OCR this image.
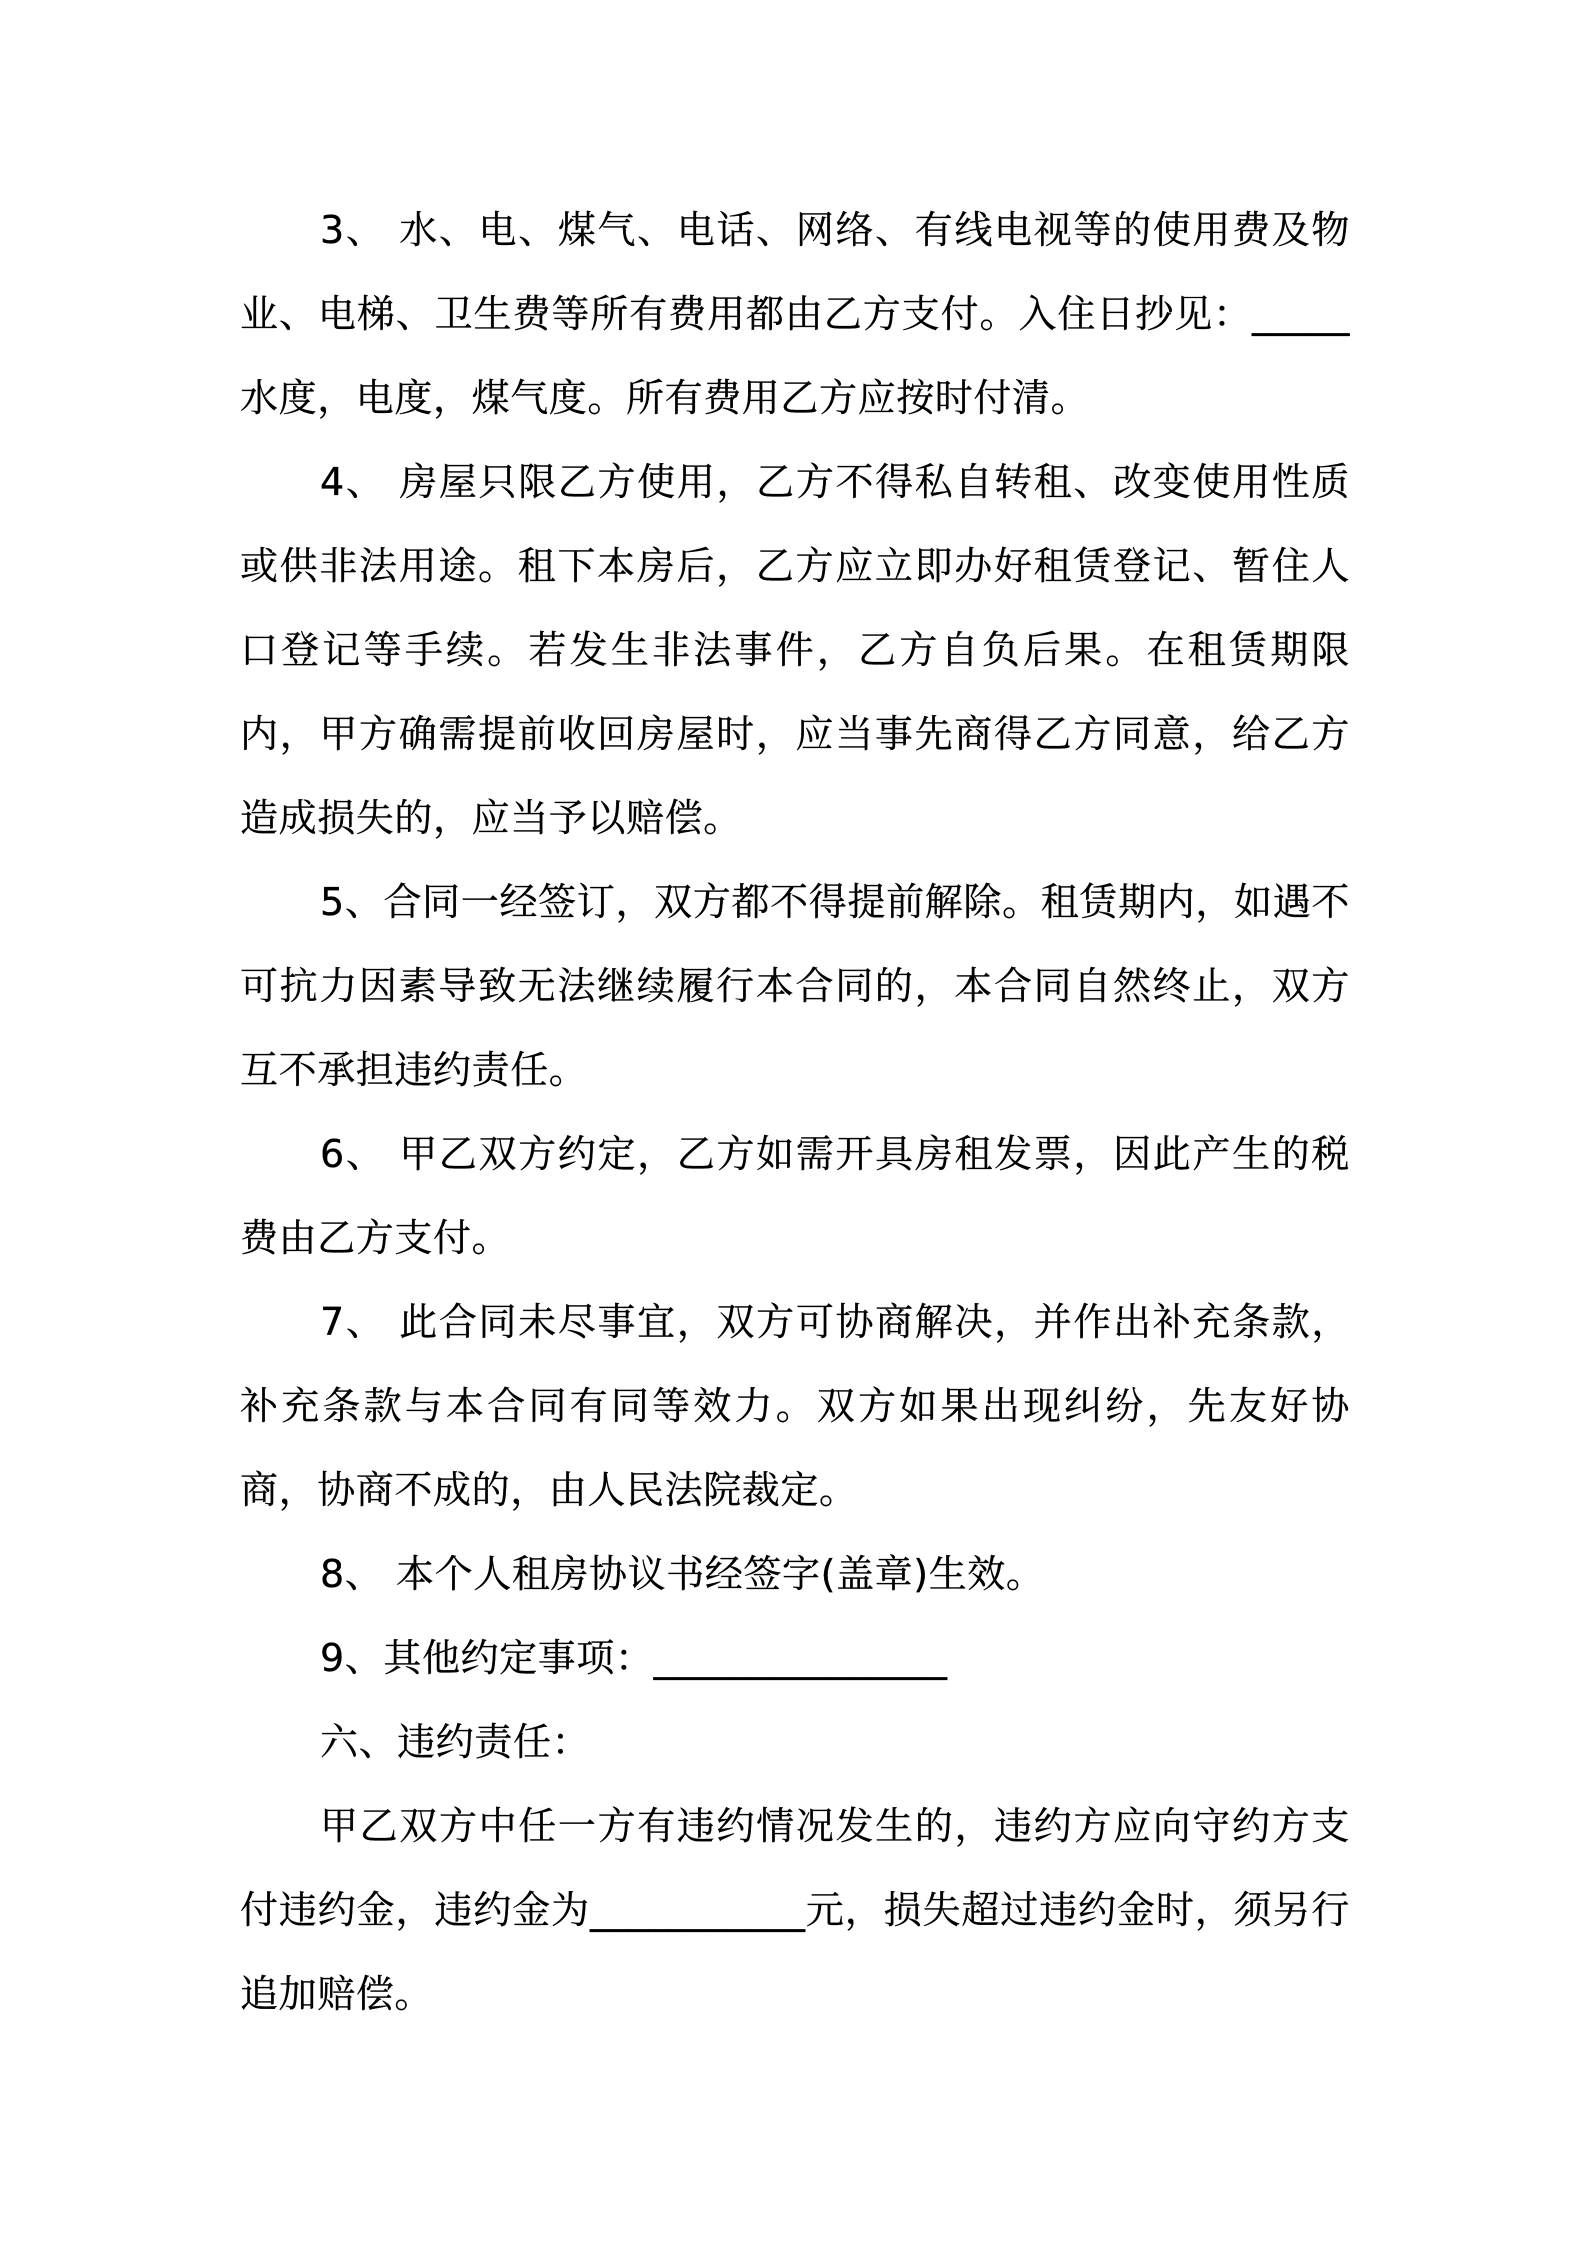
3、 水、电、煤气、电话、网络、有线电视等的使用费及物业、电梯、卫生费等所有费用都由乙方支付。入住日抄见：_____水度，电度，煤气度。所有费用乙方应按时付清。

4、 房屋只限乙方使用，乙方不得私自转租、改变使用性质或供非法用途。租下本房后，乙方应立即办好租赁登记、暂住人口登记等手续。若发生非法事件，乙方自负后果。在租赁期限内，甲方确需提前收回房屋时，应当事先商得乙方同意，给乙方造成损失的，应当予以赔偿。

5、合同一经签订，双方都不得提前解除。租赁期内，如遇不可抗力因素导致无法继续履行本合同的，本合同自然终止，双方互不承担违约责任。

6、 甲乙双方约定，乙方如需开具房租发票，因此产生的税费由乙方支付。

7、 此合同未尽事宜，双方可协商解决，并作出补充条款，补充条款与本合同有同等效力。双方如果出现纠纷，先友好协商，协商不成的，由人民法院裁定。

8、 本个人租房协议书经签字(盖章)生效。

9、其他约定事项：_______________

六、违约责任：

甲乙双方中任一方有违约情况发生的，违约方应向守约方支付违约金，违约金为___________元，损失超过违约金时，须另行追加赔偿。
